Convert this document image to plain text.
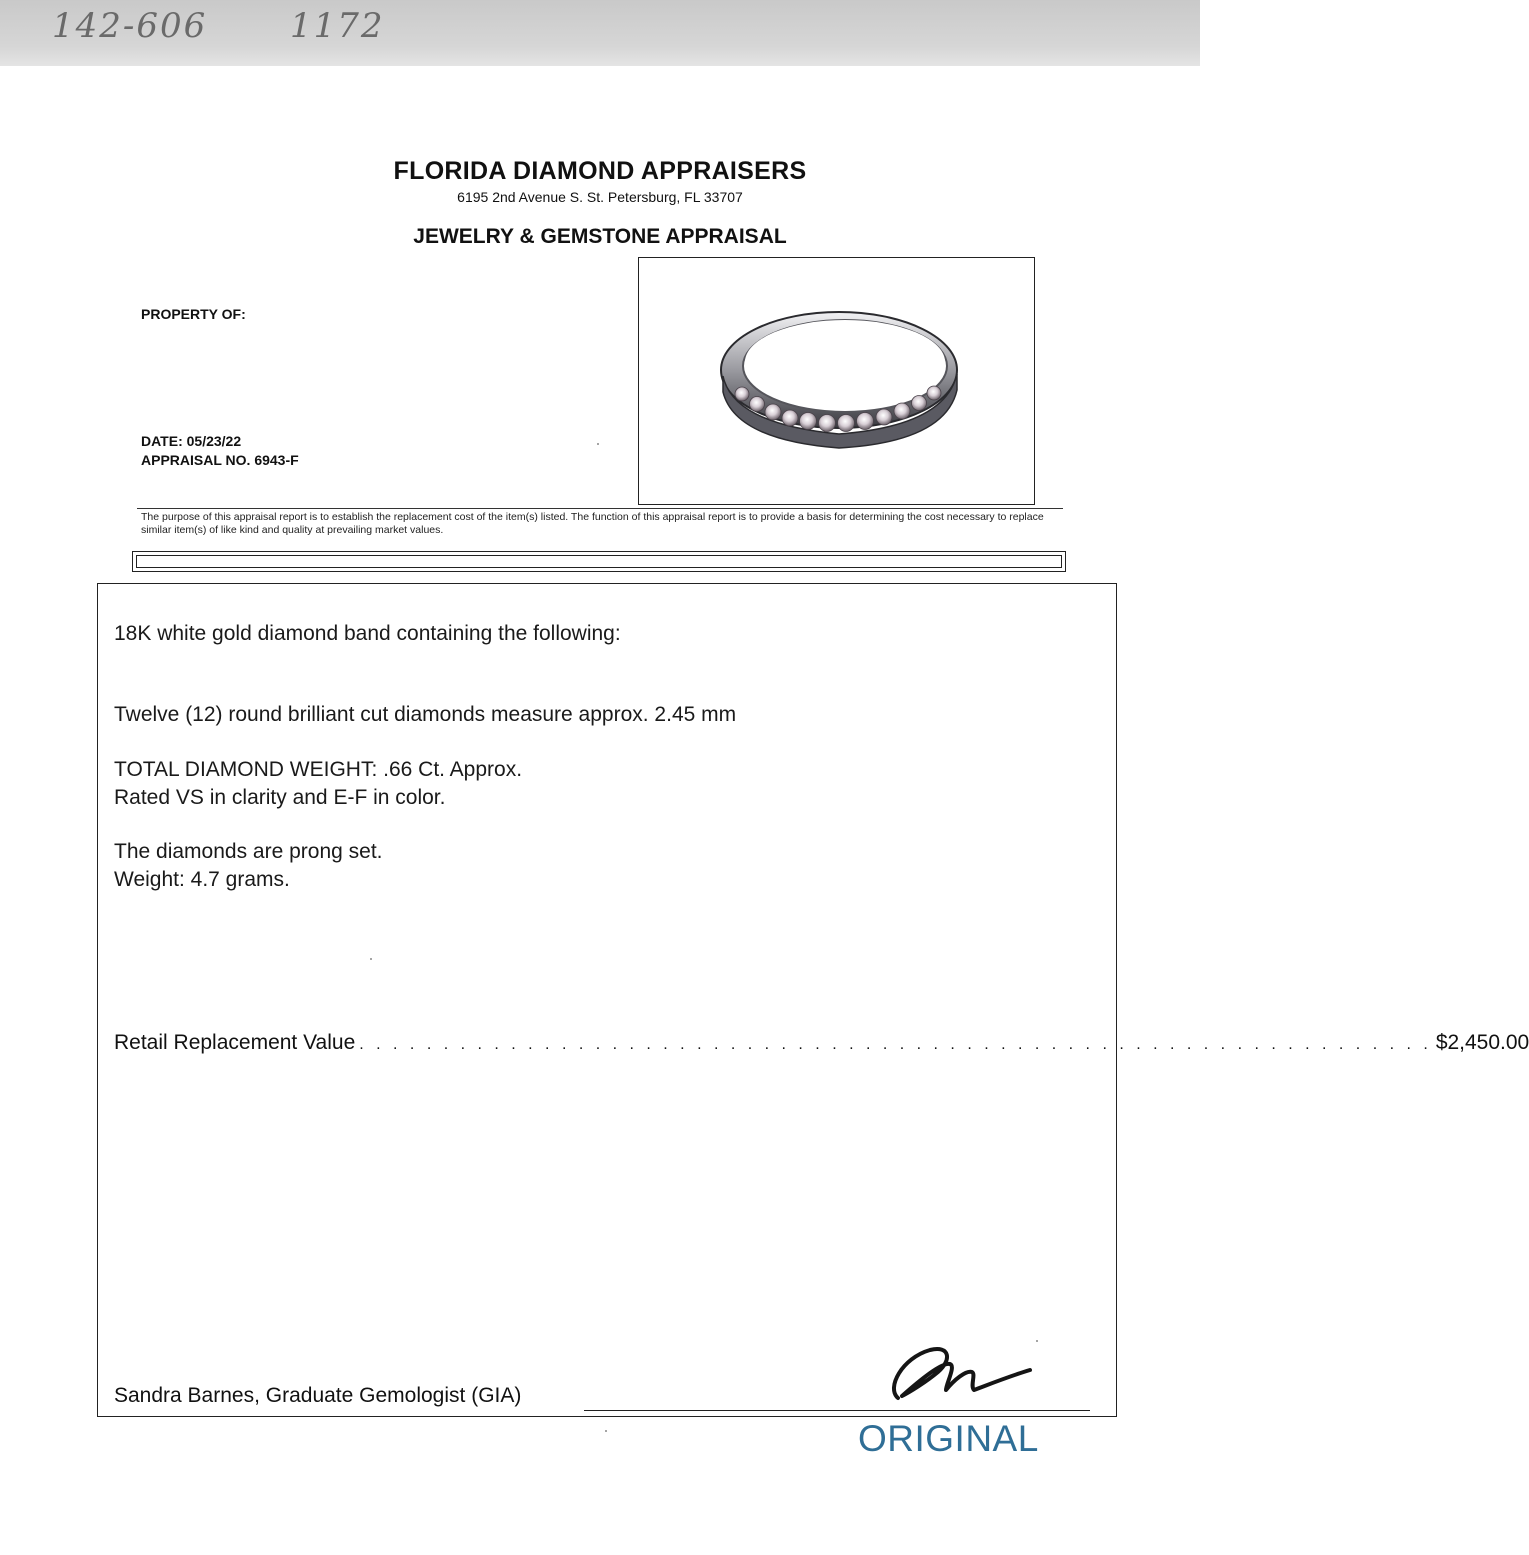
142-606 1172
FLORIDA DIAMOND APPRAISERS
6195 2nd Avenue S. St. Petersburg, FL 33707
JEWELRY & GEMSTONE APPRAISAL
PROPERTY OF:
DATE: 05/23/22
APPRAISAL NO. 6943-F
The purpose of this appraisal report is to establish the replacement cost of the item(s) listed. The function of this appraisal report is to provide a basis for determining the cost necessary to replace similar item(s) of like kind and quality at prevailing market values.
18K white gold diamond band containing the following:
Twelve (12) round brilliant cut diamonds measure approx. 2.45 mm
TOTAL DIAMOND WEIGHT: .66 Ct. Approx.
Rated VS in clarity and E-F in color.
The diamonds are prong set.
Weight: 4.7 grams.
Retail Replacement Value . . . . . . . . . . . . . . . . . . . . . . . . . . . . . . . . . . . . . . . . . . . . . . . . . . . . . . . . . . . . . . . . $2,450.00
Sandra Barnes, Graduate Gemologist (GIA)
ORIGINAL
